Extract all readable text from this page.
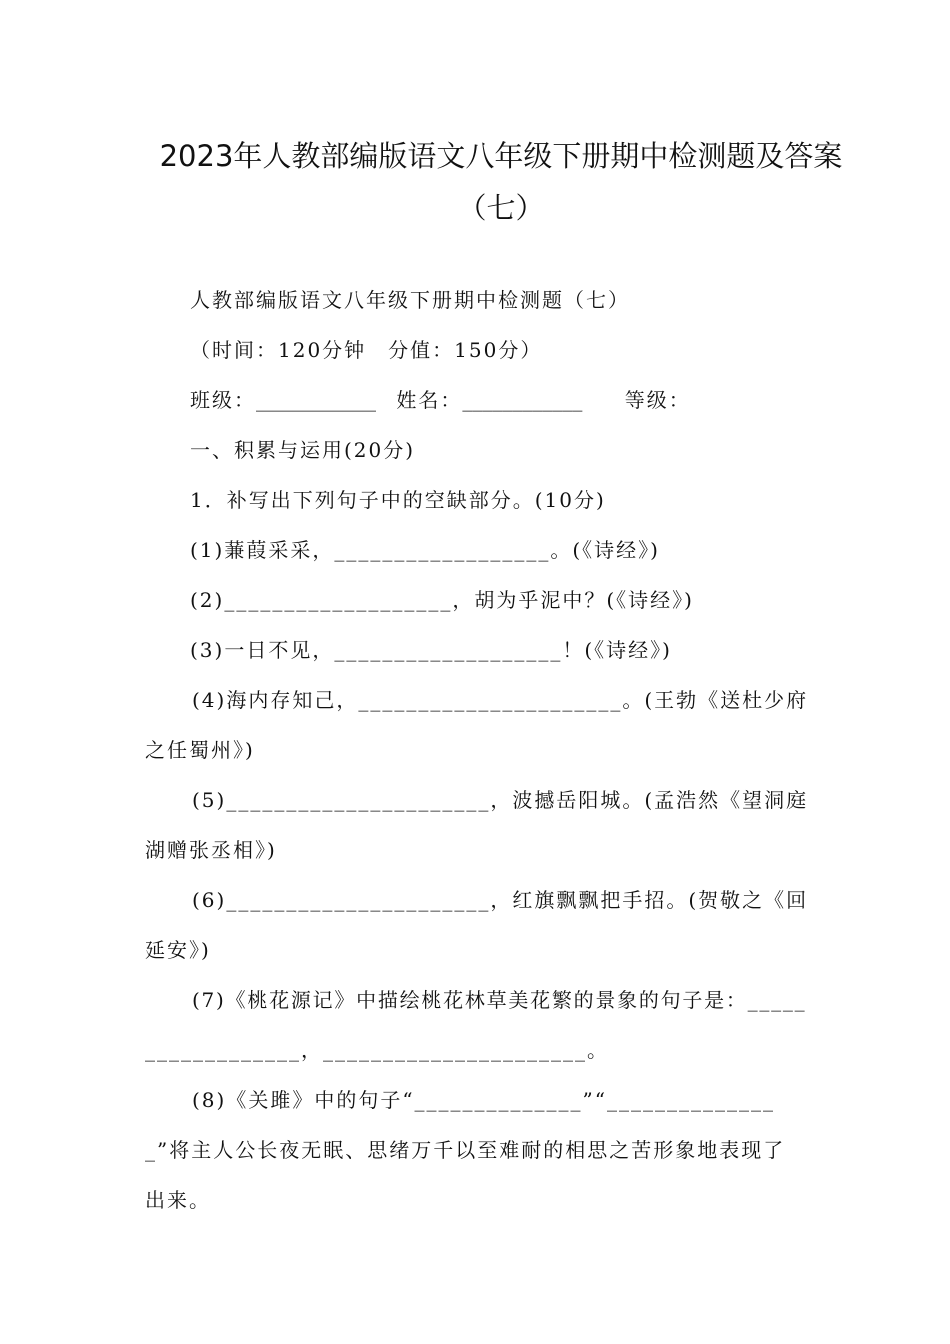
2023年人教部编版语文八年级下册期中检测题及答案
（七）
人教部编版语文八年级下册期中检测题（七）
（时间：120分钟　分值：150分）
班级：____________ 姓名：____________ 等级：
一、积累与运用(20分)
1．补写出下列句子中的空缺部分。(10分)
(1)蒹葭采采，__________________。(《诗经》)
(2)___________________，胡为乎泥中？(《诗经》)
(3)一日不见，___________________！(《诗经》)
(4)海内存知己，______________________。(王勃《送杜少府
之任蜀州》)
(5)______________________，波撼岳阳城。(孟浩然《望洞庭
湖赠张丞相》)
(6)______________________，红旗飘飘把手招。(贺敬之《回
延安》)
(7)《桃花源记》中描绘桃花林草美花繁的景象的句子是：_____
_____________，______________________。
(8)《关雎》中的句子“______________”“______________
_”将主人公长夜无眠、思绪万千以至难耐的相思之苦形象地表现了
出来。
